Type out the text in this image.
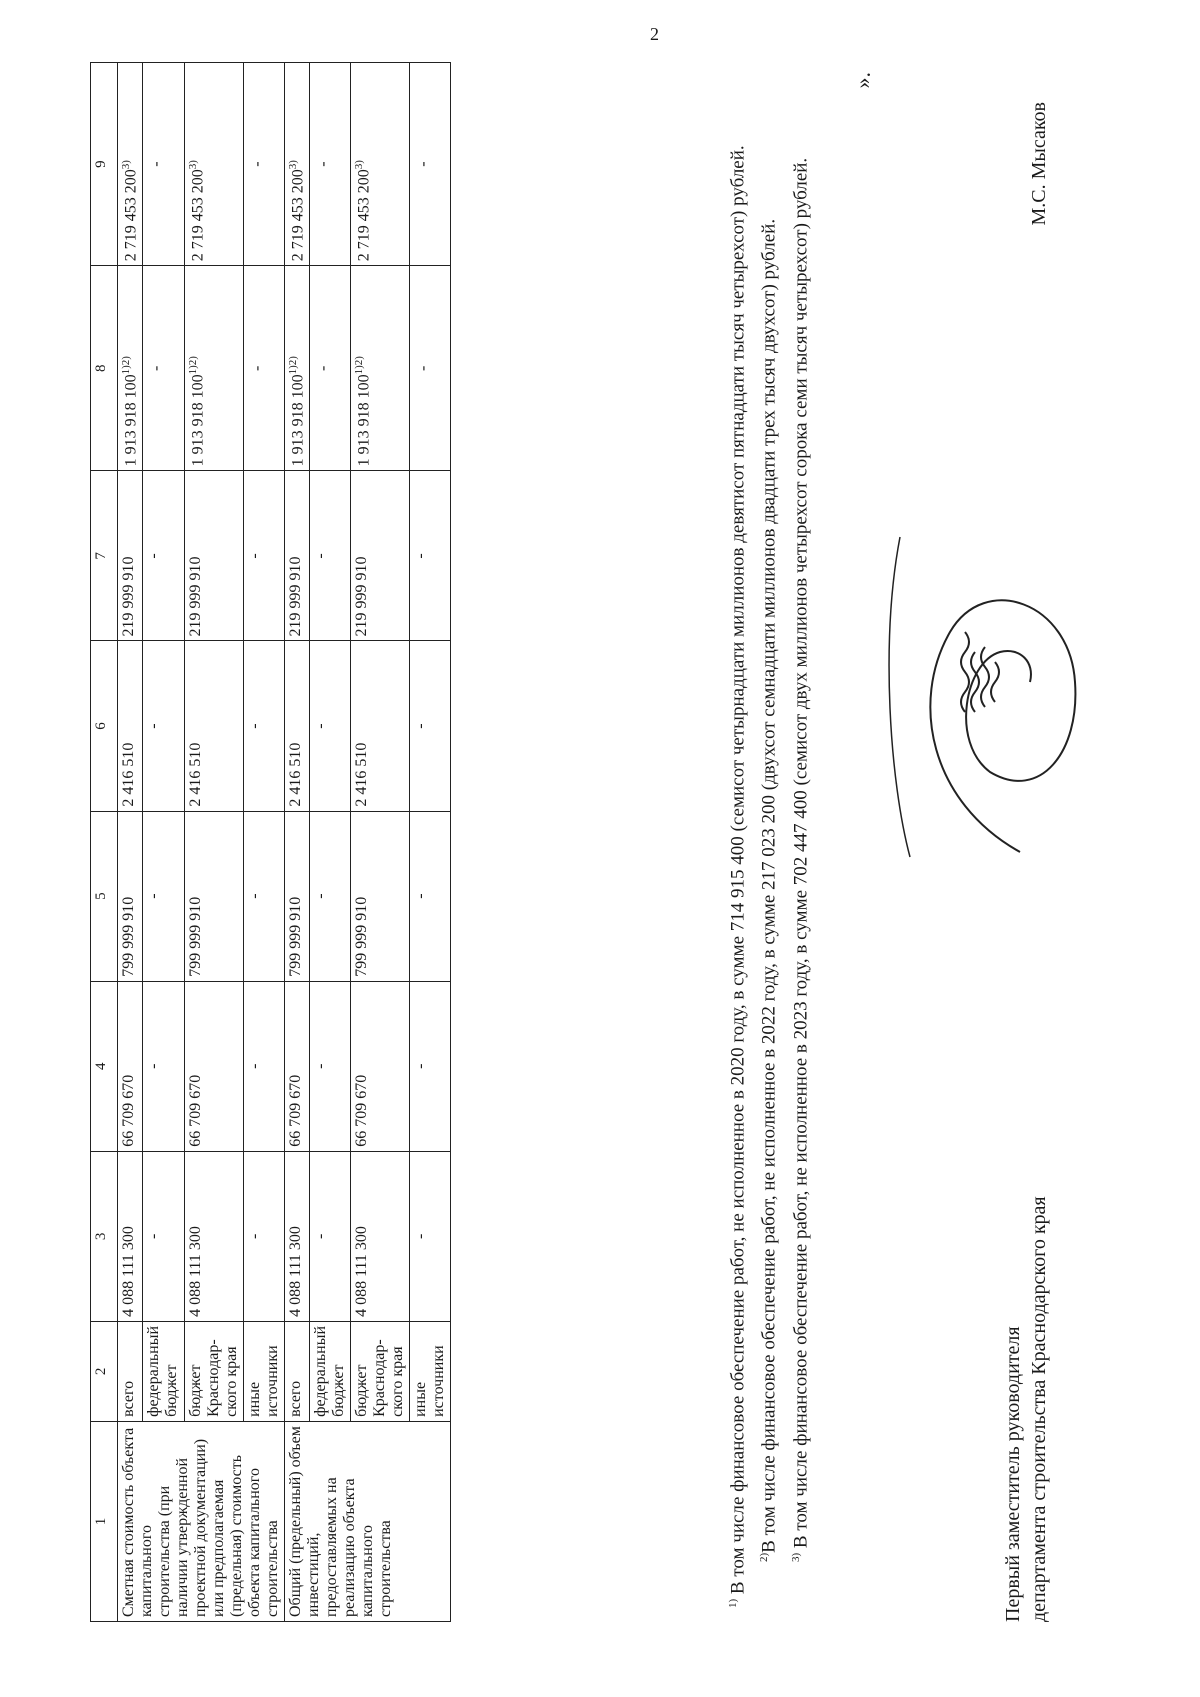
2
1	2	3	4	5	6	7	8	9
Сметная стоимость объекта капитального строительства (при наличии утвержденной проектной документации) или предполагаемая (предельная) стоимость объекта капитального строительства	всего	4 088 111 300	66 709 670	799 999 910	2 416 510	219 999 910	1 913 918 $100^{1)2)}$	2 719 453 200$^{3)}$
	федеральный бюджет	-	-	-	-	-	-	-
	бюджет Краснодар-ского края	4 088 111 300	66 709 670	799 999 910	2 416 510	219 999 910	1 913 918 $100^{1)2)}$	2 719 453 200$^{3)}$
	иные источники	-	-	-	-	-	-	-
Общий (предельный) объем инвестиций, предоставляемых на реализацию объекта капитального строительства	всего	4 088 111 300	66 709 670	799 999 910	2 416 510	219 999 910	1 913 918 $100^{1)2)}$	2 719 453 200$^{3)}$
	федеральный бюджет	-	-	-	-	-	-	-
	бюджет Краснодар-ского края	4 088 111 300	66 709 670	799 999 910	2 416 510	219 999 910	1 913 918 $100^{1)2)}$	2 719 453 200$^{3)}$
	иные источники	-	-	-	-	-	-	-

$^{1)}$ В том числе финансовое обеспечение работ, не исполненное в 2020 году, в сумме 714 915 400 (семисот четырнадцати миллионов девятисот пятнадцати тысяч четырехсот) рублей. $^{2)}$В том числе финансовое обеспечение работ, не исполненное в 2022 году, в сумме 217 023 200 (двухсот семнадцати миллионов двадцати трех тысяч двухсот) рублей.

$^{3)}$ В том числе финансовое обеспечение работ, не исполненное в 2023 году, в сумме 702 447 400 (семисот двух миллионов четырехсот сорока семи тысяч четырехсот) рублей.

».
Первый заместитель руководителя департамента строительства Краснодарского края
М.С. Мысаков
